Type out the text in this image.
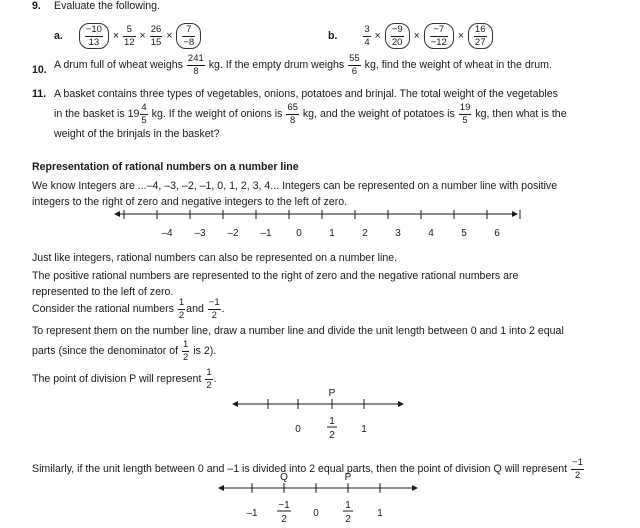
9. Evaluate the following.
a. $\frac{-10}{13} \times \frac{5}{12} \times \frac{26}{15} \times \frac{7}{-8}$	b.	$\frac{3}{4} \times \frac{-9}{20} \times \frac{-7}{-12} \times \frac{16}{27}$
10. A drum full of wheat weighs $\frac{241}{8}$ kg. If the empty drum weighs $\frac{55}{6}$ kg, find the weight of wheat in the drum.
11. A basket contains three types of vegetables, onions, potatoes and brinjal. The total weight of the vegetables
in the basket is $19 \frac{4}{5}$ kg. If the weight of onions is $\frac{65}{8}$ kg, and the weight of potatoes is $\frac{19}{5}$ kg, then what is the
weight of the brinjals in the basket?
Representation of rational numbers on a number line
We know Integers are ...–4, –3, –2, –1, 0, 1, 2, 3, 4... Integers can be represented on a number line with positive
integers to the right of zero and negative integers to the left of zero.
–4 –3 –2 –1 0	1	2	3	4	5	6
Just like integers, rational numbers can also be represented on a number line.
The positive rational numbers are represented to the right of zero and the negative rational numbers are
represented to the left of zero.
Consider the rational numbers $\frac{1}{2}$ and $\frac{-1}{2}$ .
To represent them on the number line, draw a number line and divide the unit length between 0 and 1 into 2 equal
parts (since the denominator of $\frac{1}{2}$ is 2).
The point of division P will represent $\frac{1}{2}$ .
P
0
1
2
1
Similarly, if the unit length between 0 and –1 is divided into 2 equal parts, then the point of division Q will represent $\frac{-1}{2}$
Q	P
–1
−1
2
0
1
2
1
